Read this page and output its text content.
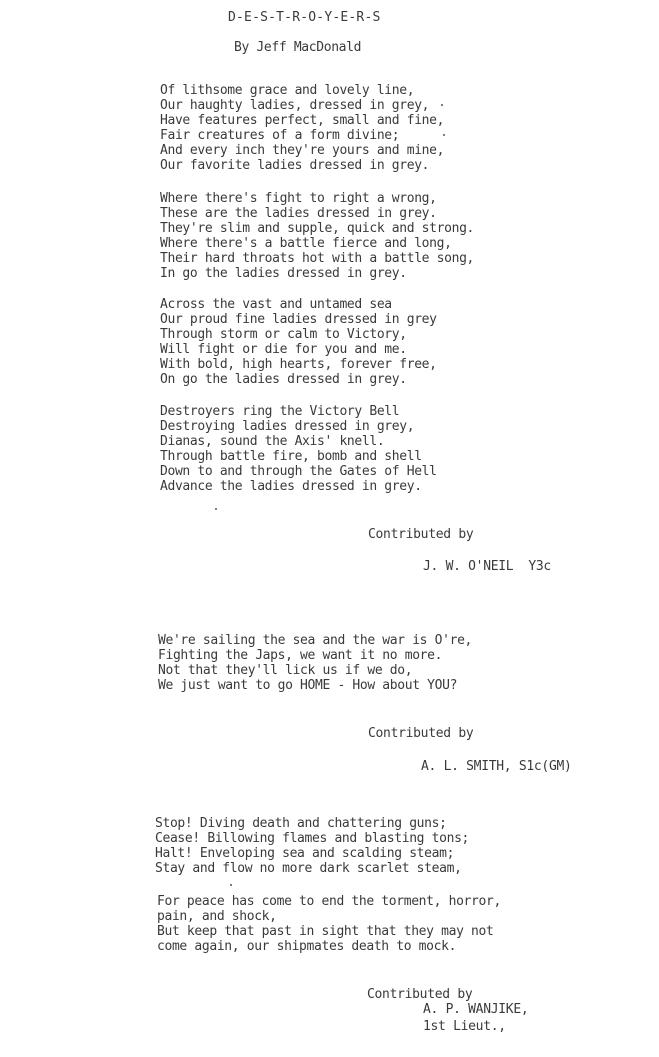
D-E-S-T-R-O-Y-E-R-S
By Jeff MacDonald
Of lithsome grace and lovely line,
Our haughty ladies, dressed in grey,
Have features perfect, small and fine,
Fair creatures of a form divine;
And every inch they're yours and mine,
Our favorite ladies dressed in grey.
Where there's fight to right a wrong,
These are the ladies dressed in grey.
They're slim and supple, quick and strong.
Where there's a battle fierce and long,
Their hard throats hot with a battle song,
In go the ladies dressed in grey.
Across the vast and untamed sea
Our proud fine ladies dressed in grey
Through storm or calm to Victory,
Will fight or die for you and me.
With bold, high hearts, forever free,
On go the ladies dressed in grey.
Destroyers ring the Victory Bell
Destroying ladies dressed in grey,
Dianas, sound the Axis' knell.
Through battle fire, bomb and shell
Down to and through the Gates of Hell
Advance the ladies dressed in grey.
Contributed by
J. W. O'NEIL  Y3c
We're sailing the sea and the war is O're,
Fighting the Japs, we want it no more.
Not that they'll lick us if we do,
We just want to go HOME - How about YOU?
Contributed by
A. L. SMITH, S1c(GM)
Stop! Diving death and chattering guns;
Cease! Billowing flames and blasting tons;
Halt! Enveloping sea and scalding steam;
Stay and flow no more dark scarlet steam,
For peace has come to end the torment, horror,
pain, and shock,
But keep that past in sight that they may not
come again, our shipmates death to mock.
Contributed by
A. P. WANJIKE,
1st Lieut.,
